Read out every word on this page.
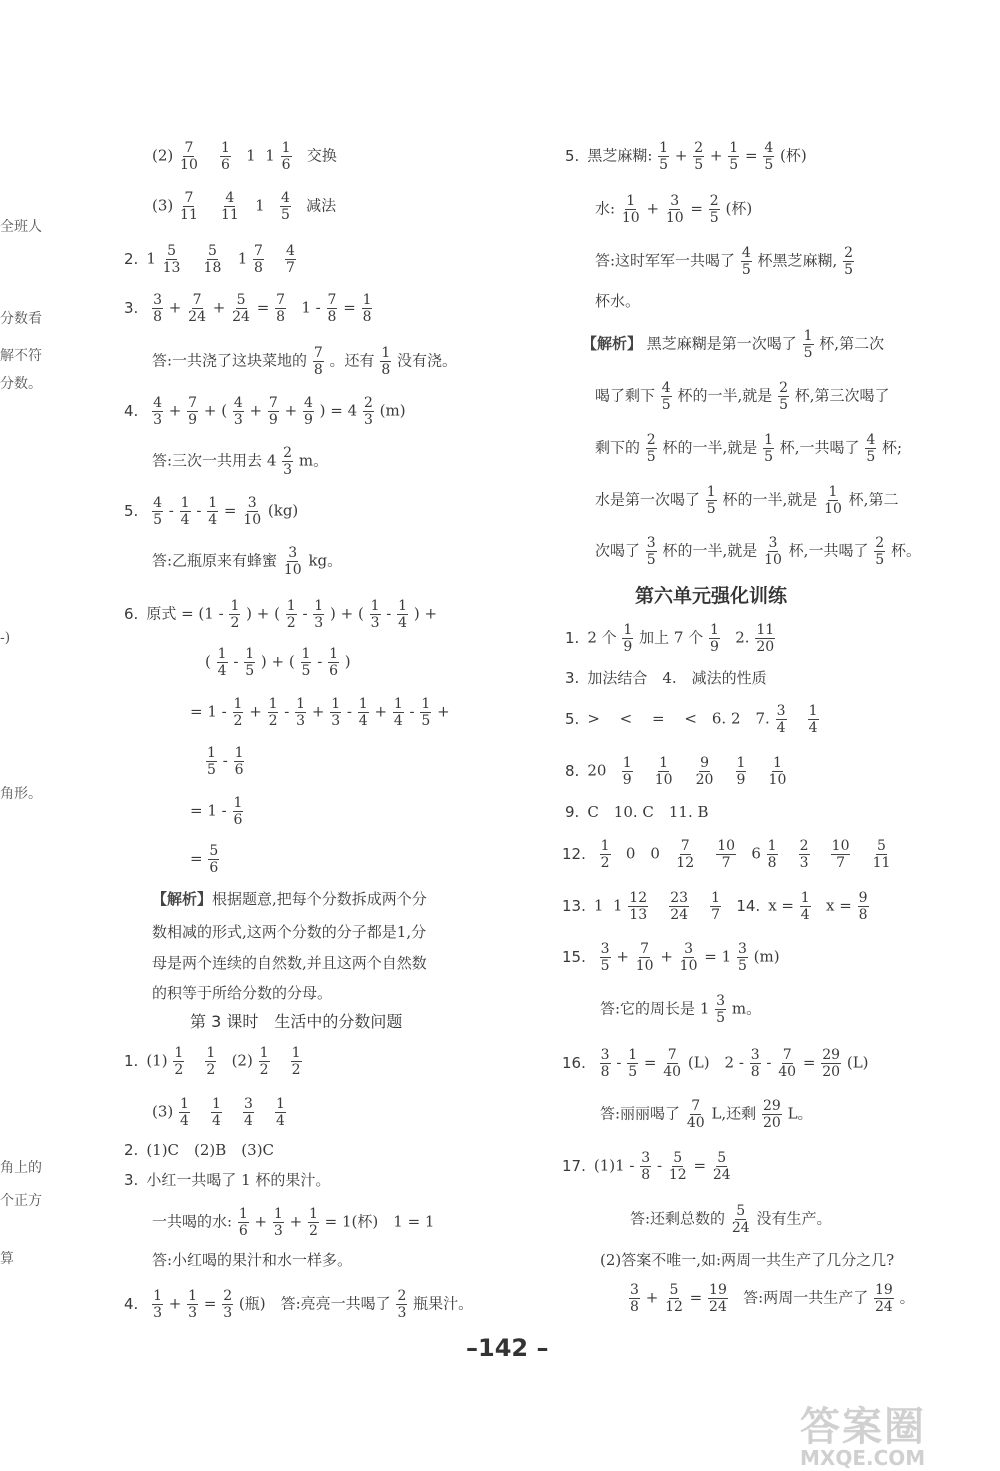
全班人
分数看
解不符
分数。
-)
角形。
角上的
个正方
算
$(2) \frac{7}{10}$
$\frac{1}{6} 1$ $1 \frac{1}{6}$ 交换
$(3) \frac{7}{11}$
$\frac{4}{11} 1 \frac{4}{5}$ 减法
2. $1 \frac{5}{13}$
$\frac{5}{18} 1 \frac{7}{8}$
$\frac{4}{7}$
3. $\frac{3}{8} + \frac{7}{24} + \frac{5}{24} = \frac{7}{8} 1 - \frac{7}{8} = \frac{1}{8}$
答:一共浇了这块菜地的 $\frac{7}{8}$ 。还有 $\frac{1}{8}$ 没有浇。
4. $\frac{4}{3} + \frac{7}{9}$ + ( $\frac{4}{3} + \frac{7}{9} + \frac{4}{9}$ ) = $4 \frac{2}{3} (m)$
答:三次一共用去 $4 \frac{2}{3}$ m。
5. $\frac{4}{5} - \frac{1}{4} - \frac{1}{4} = \frac{3}{10} (kg)$
答:乙瓶原来有蜂蜜 $\frac{3}{10}$ kg。
6. 原式 = ($1 - \frac{1}{2}$ ) + ( $\frac{1}{2} - \frac{1}{3}$ ) + ( $\frac{1}{3} - \frac{1}{4}$ ) +
( $\frac{1}{4} - \frac{1}{5}$ ) + ( $\frac{1}{5} - \frac{1}{6}$ )
= $1 - \frac{1}{2} + \frac{1}{2} - \frac{1}{3} + \frac{1}{3} - \frac{1}{4} + \frac{1}{4} - \frac{1}{5}$ +
$\frac{1}{5} - \frac{1}{6}$
= $1 - \frac{1}{6}$
= $\frac{5}{6}$
【解析】根据题意,把每个分数拆成两个分
数相减的形式,这两个分数的分子都是1,分
母是两个连续的自然数,并且这两个自然数
的积等于所给分数的分母。
第 3 课时　生活中的分数问题
1. $(1) \frac{1}{2}$
$\frac{1}{2} (2) \frac{1}{2}$
$\frac{1}{2}$
$(3) \frac{1}{4}$
$\frac{1}{4}$
$\frac{3}{4}$
$\frac{1}{4}$
2. (1)C　(2)B　(3)C
3. 小红一共喝了 1 杯的果汁。
一共喝的水: $\frac{1}{6} + \frac{1}{3} + \frac{1}{2} = 1$(杯)　1 = 1
答:小红喝的果汁和水一样多。
4. $\frac{1}{3} + \frac{1}{3} = \frac{2}{3}$ (瓶)　答:亮亮一共喝了 $\frac{2}{3}$ 瓶果汁。
5. 黑芝麻糊: $\frac{1}{5} + \frac{2}{5} + \frac{1}{5} = \frac{4}{5}$ (杯)
水: $\frac{1}{10} + \frac{3}{10} = \frac{2}{5}$ (杯)
答:这时军军一共喝了 $\frac{4}{5}$ 杯黑芝麻糊, $\frac{2}{5}$
杯水。
【解析】 黑芝麻糊是第一次喝了 $\frac{1}{5}$ 杯,第二次
喝了剩下 $\frac{4}{5}$ 杯的一半,就是 $\frac{2}{5}$ 杯,第三次喝了
剩下的 $\frac{2}{5}$ 杯的一半,就是 $\frac{1}{5}$ 杯,一共喝了 $\frac{4}{5}$ 杯;
水是第一次喝了 $\frac{1}{5}$ 杯的一半,就是 $\frac{1}{10}$ 杯,第二
次喝了 $\frac{3}{5}$ 杯的一半,就是 $\frac{3}{10}$ 杯,一共喝了 $\frac{2}{5}$ 杯。
第六单元强化训练
1. 2 个 $\frac{1}{9}$ 加上 7 个 $\frac{1}{9} 2$. $\frac{11}{20}$
3. 加法结合　4.　减法的性质
5. >　 <　 =　 <　6. 2　7. $\frac{3}{4}$
$\frac{1}{4}$
8. $20 \frac{1}{9}$
$\frac{1}{10}$
$\frac{9}{20}$
$\frac{1}{9}$
$\frac{1}{10}$
9. C　10. C　11. B
12. $\frac{1}{2} 0$　$0 \frac{7}{12}$
$\frac{10}{7} 6 \frac{1}{8}$
$\frac{2}{3}$
$\frac{10}{7}$
$\frac{5}{11}$
13. 1 $1 \frac{12}{13}$
$\frac{23}{24}$
$\frac{1}{7} 14$. $x = \frac{1}{4}$ $x = \frac{9}{8}$
15. $\frac{3}{5} + \frac{7}{10} + \frac{3}{10} = 1 \frac{3}{5} (m)$
答:它的周长是 $1 \frac{3}{5}$ m。
16. $\frac{3}{8} - \frac{1}{5} = \frac{7}{40} (L)$　$2 - \frac{3}{8} - \frac{7}{40} = \frac{29}{20} (L)$
答:丽丽喝了 $\frac{7}{40} L$,还剩 $\frac{29}{20}$ L。
17. $(1)1 - \frac{3}{8} - \frac{5}{12} = \frac{5}{24}$
答:还剩总数的 $\frac{5}{24}$ 没有生产。
(2)答案不唯一,如:两周一共生产了几分之几?
$\frac{3}{8} + \frac{5}{12} = \frac{19}{24}$ 答:两周一共生产了 $\frac{19}{24}$ 。
–142 –
答案圈
MXQE.COM
